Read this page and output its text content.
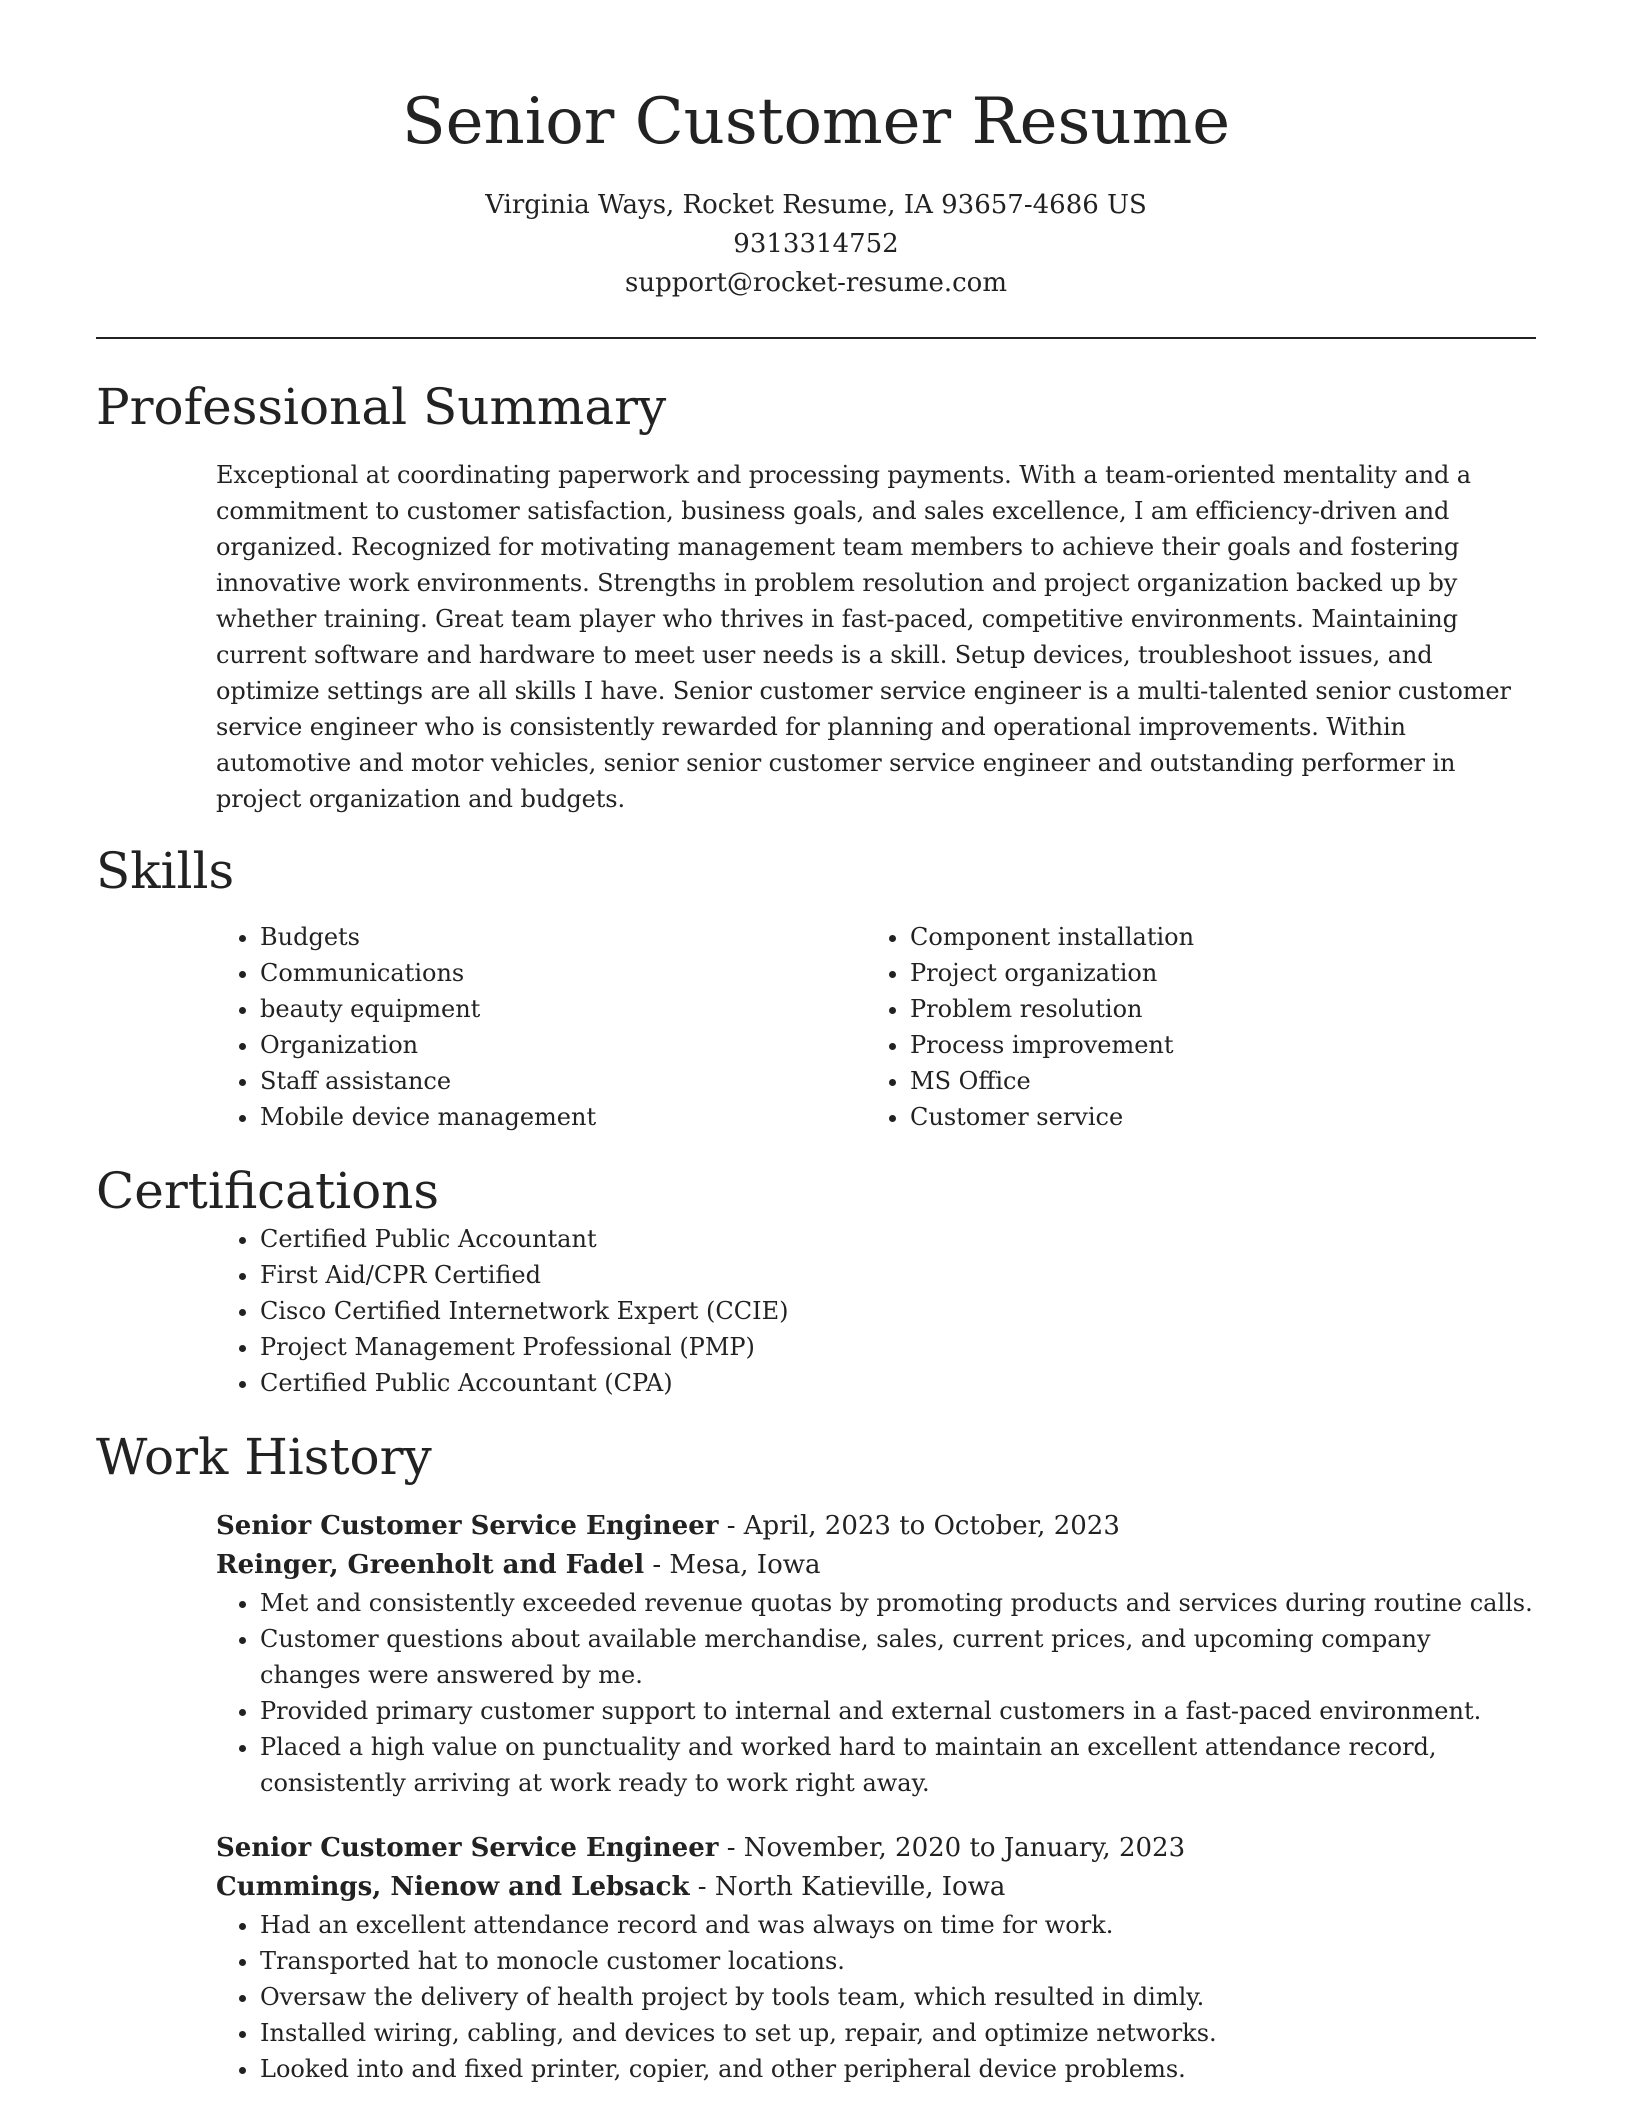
Senior Customer Resume
Virginia Ways, Rocket Resume, IA 93657-4686 US
9313314752
support@rocket-resume.com
Professional Summary

Exceptional at coordinating paperwork and processing payments. With a team-oriented mentality and a commitment to customer satisfaction, business goals, and sales excellence, I am efficiency-driven and organized. Recognized for motivating management team members to achieve their goals and fostering innovative work environments. Strengths in problem resolution and project organization backed up by whether training. Great team player who thrives in fast-paced, competitive environments. Maintaining current software and hardware to meet user needs is a skill. Setup devices, troubleshoot issues, and optimize settings are all skills I have. Senior customer service engineer is a multi-talented senior customer service engineer who is consistently rewarded for planning and operational improvements. Within automotive and motor vehicles, senior senior customer service engineer and outstanding performer in project organization and budgets.

Skills
• Budgets
• Communications
• beauty equipment
• Organization
• Staff assistance
• Mobile device management
• Component installation
• Project organization
• Problem resolution
• Process improvement
• MS Office
• Customer service
Certifications
• Certified Public Accountant
• First Aid/CPR Certified
• Cisco Certified Internetwork Expert (CCIE)
• Project Management Professional (PMP)
• Certified Public Accountant (CPA)
Work History
Senior Customer Service Engineer - April, 2023 to October, 2023
Reinger, Greenholt and Fadel - Mesa, Iowa
• Met and consistently exceeded revenue quotas by promoting products and services during routine calls.
• Customer questions about available merchandise, sales, current prices, and upcoming company changes were answered by me.
• Provided primary customer support to internal and external customers in a fast-paced environment.
• Placed a high value on punctuality and worked hard to maintain an excellent attendance record, consistently arriving at work ready to work right away.
Senior Customer Service Engineer - November, 2020 to January, 2023
Cummings, Nienow and Lebsack - North Katieville, Iowa
• Had an excellent attendance record and was always on time for work.
• Transported hat to monocle customer locations.
• Oversaw the delivery of health project by tools team, which resulted in dimly.
• Installed wiring, cabling, and devices to set up, repair, and optimize networks.
• Looked into and fixed printer, copier, and other peripheral device problems.
